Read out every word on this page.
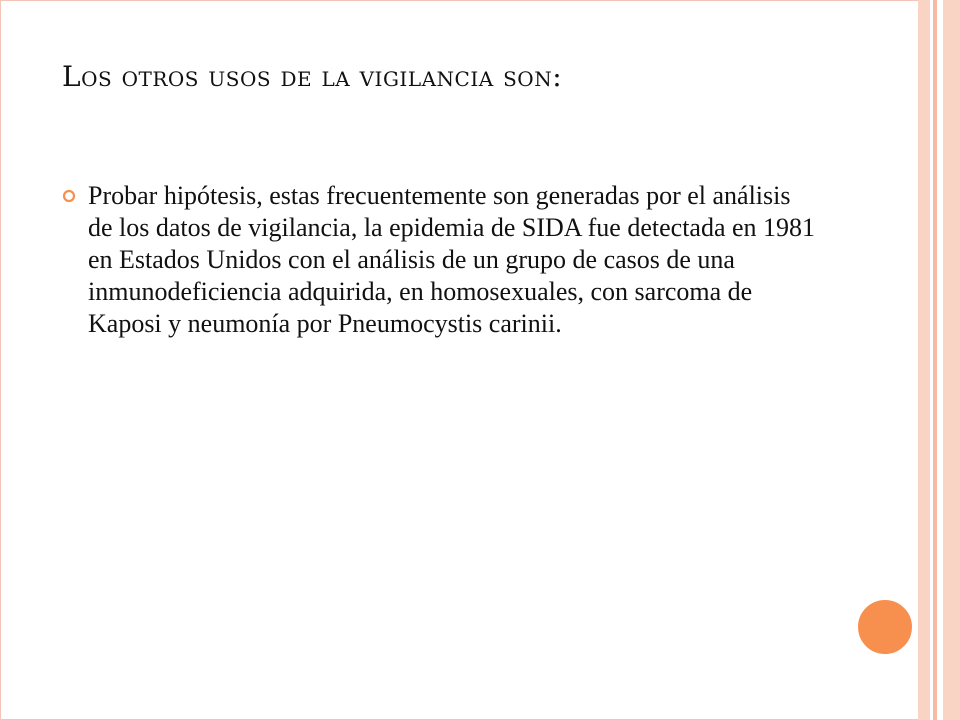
Los otros usos de la vigilancia son:
Probar hipótesis, estas frecuentemente son generadas por el análisis de los datos de vigilancia, la epidemia de SIDA fue detectada en 1981 en Estados Unidos con el análisis de un grupo de casos de una inmunodeficiencia adquirida, en homosexuales, con sarcoma de Kaposi y neumonía por Pneumocystis carinii.
